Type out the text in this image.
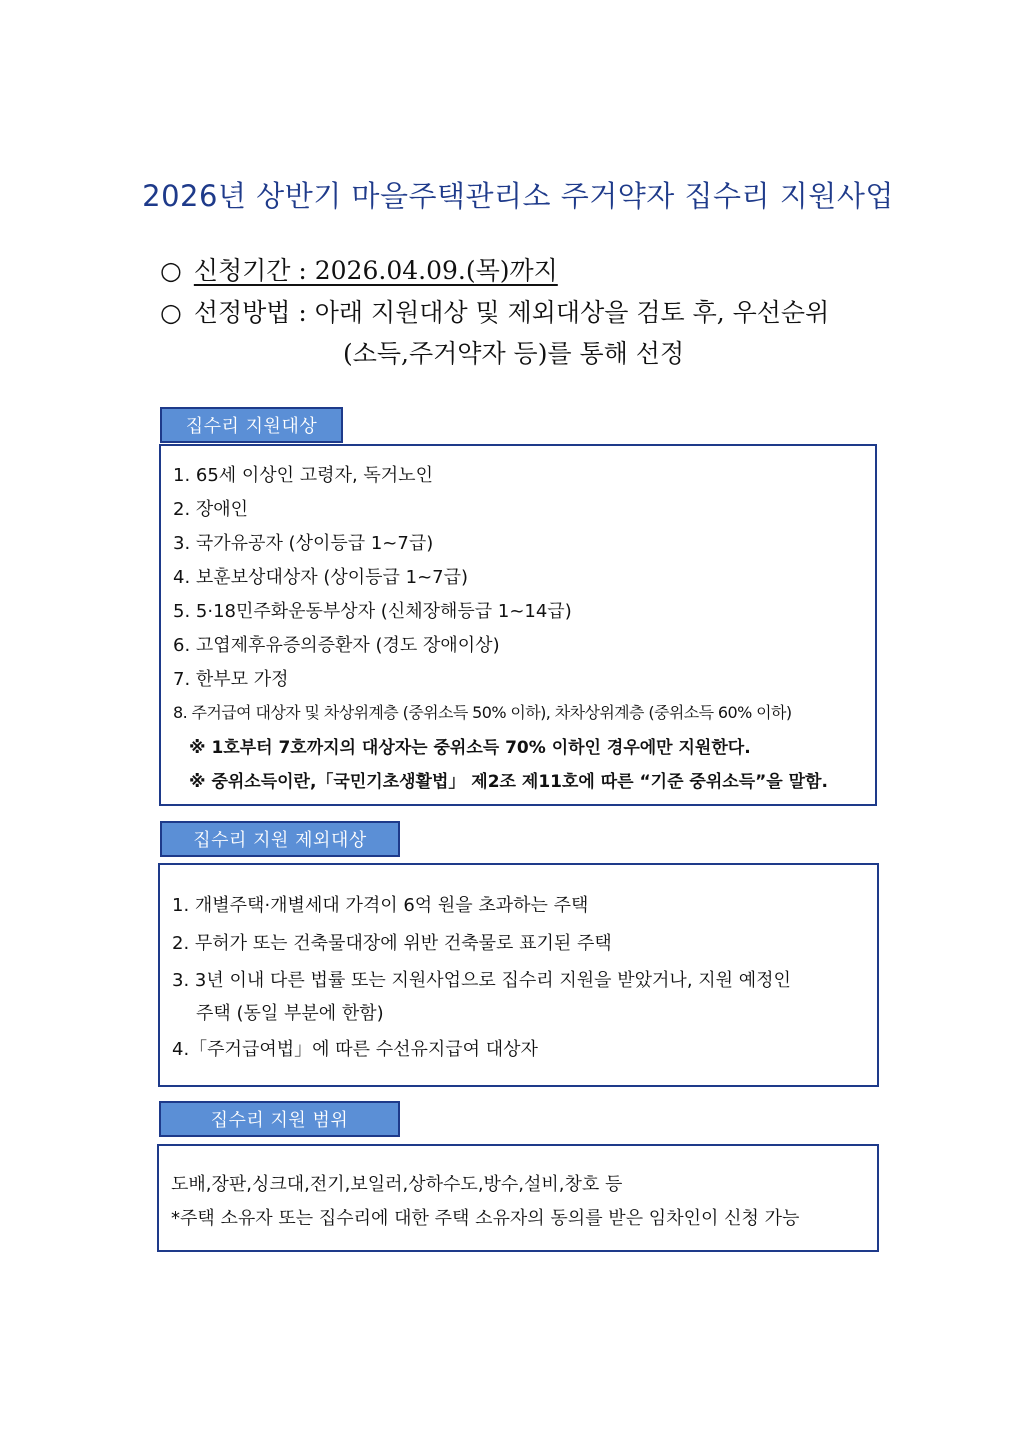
2026년 상반기 마을주택관리소 주거약자 집수리 지원사업
○ 신청기간 : 2026.04.09.(목)까지
○ 선정방법 : 아래 지원대상 및 제외대상을 검토 후, 우선순위
(소득,주거약자 등)를 통해 선정
집수리 지원대상
1. 65세 이상인 고령자, 독거노인
2. 장애인
3. 국가유공자 (상이등급 1~7급)
4. 보훈보상대상자 (상이등급 1~7급)
5. 5·18민주화운동부상자 (신체장해등급 1~14급)
6. 고엽제후유증의증환자 (경도 장애이상)
7. 한부모 가정
8. 주거급여 대상자 및 차상위계층 (중위소득 50% 이하), 차차상위계층 (중위소득 60% 이하)
※ 1호부터 7호까지의 대상자는 중위소득 70% 이하인 경우에만 지원한다.
※ 중위소득이란,「국민기초생활법」 제2조 제11호에 따른 “기준 중위소득”을 말함.
집수리 지원 제외대상
1. 개별주택·개별세대 가격이 6억 원을 초과하는 주택
2. 무허가 또는 건축물대장에 위반 건축물로 표기된 주택
3. 3년 이내 다른 법률 또는 지원사업으로 집수리 지원을 받았거나, 지원 예정인
주택 (동일 부분에 한함)
4.「주거급여법」에 따른 수선유지급여 대상자
집수리 지원 범위
도배,장판,싱크대,전기,보일러,상하수도,방수,설비,창호 등
*주택 소유자 또는 집수리에 대한 주택 소유자의 동의를 받은 임차인이 신청 가능
